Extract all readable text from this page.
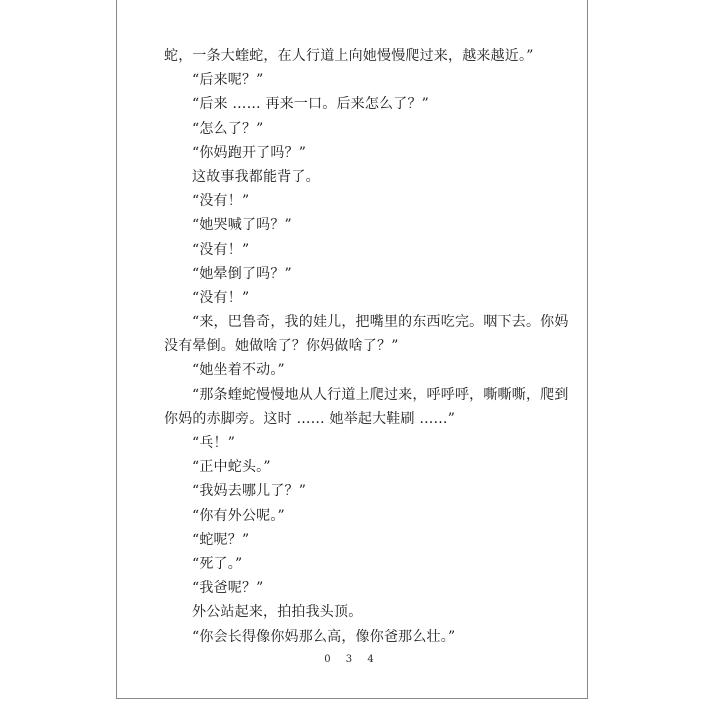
蛇，一条大蝰蛇，在人行道上向她慢慢爬过来，越来越近。”
“后来呢？”
“后来 …… 再来一口。后来怎么了？”
“怎么了？”
“你妈跑开了吗？”
这故事我都能背了。
“没有！”
“她哭喊了吗？”
“没有！”
“她晕倒了吗？”
“没有！”
“来，巴鲁奇，我的娃儿，把嘴里的东西吃完。咽下去。你妈
没有晕倒。她做啥了？你妈做啥了？”
“她坐着不动。”
“那条蝰蛇慢慢地从人行道上爬过来，呼呼呼，嘶嘶嘶，爬到
你妈的赤脚旁。这时 …… 她举起大鞋刷 ……”
“乓！”
“正中蛇头。”
“我妈去哪儿了？”
“你有外公呢。”
“蛇呢？”
“死了。”
“我爸呢？”
外公站起来，拍拍我头顶。
“你会长得像你妈那么高，像你爸那么壮。”
0 3 4
